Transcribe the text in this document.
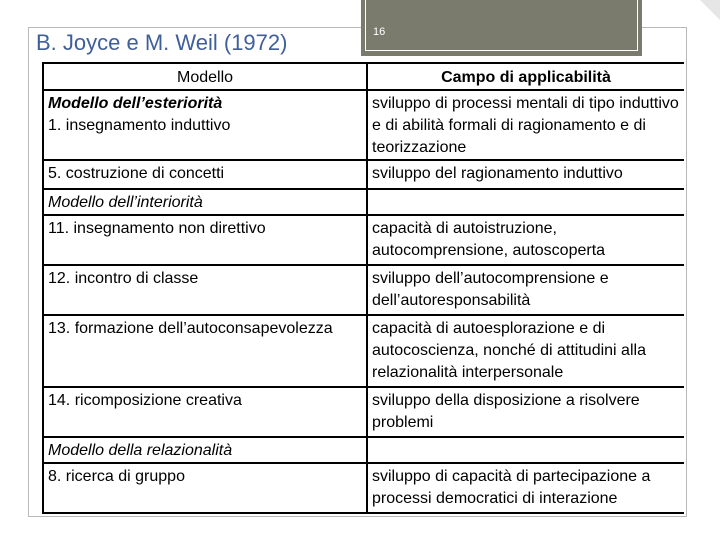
16
B. Joyce e M. Weil (1972)
Modello	Campo di applicabilità

Modello dell’esteriorità
1. insegnamento induttivo	sviluppo di processi mentali di tipo induttivo e di abilità formali di ragionamento e di teorizzazione
5. costruzione di concetti	sviluppo del ragionamento induttivo
Modello dell’interiorità	
11. insegnamento non direttivo	capacità di autoistruzione, autocomprensione, autoscoperta
12. incontro di classe	sviluppo dell’autocomprensione e dell’autoresponsabilità
13. formazione dell’autoconsapevolezza	capacità di autoesplorazione e di autocoscienza, nonché di attitudini alla relazionalità interpersonale
14. ricomposizione creativa	sviluppo della disposizione a risolvere problemi
Modello della relazionalità	
8. ricerca di gruppo	sviluppo di capacità di partecipazione a processi democratici di interazione
